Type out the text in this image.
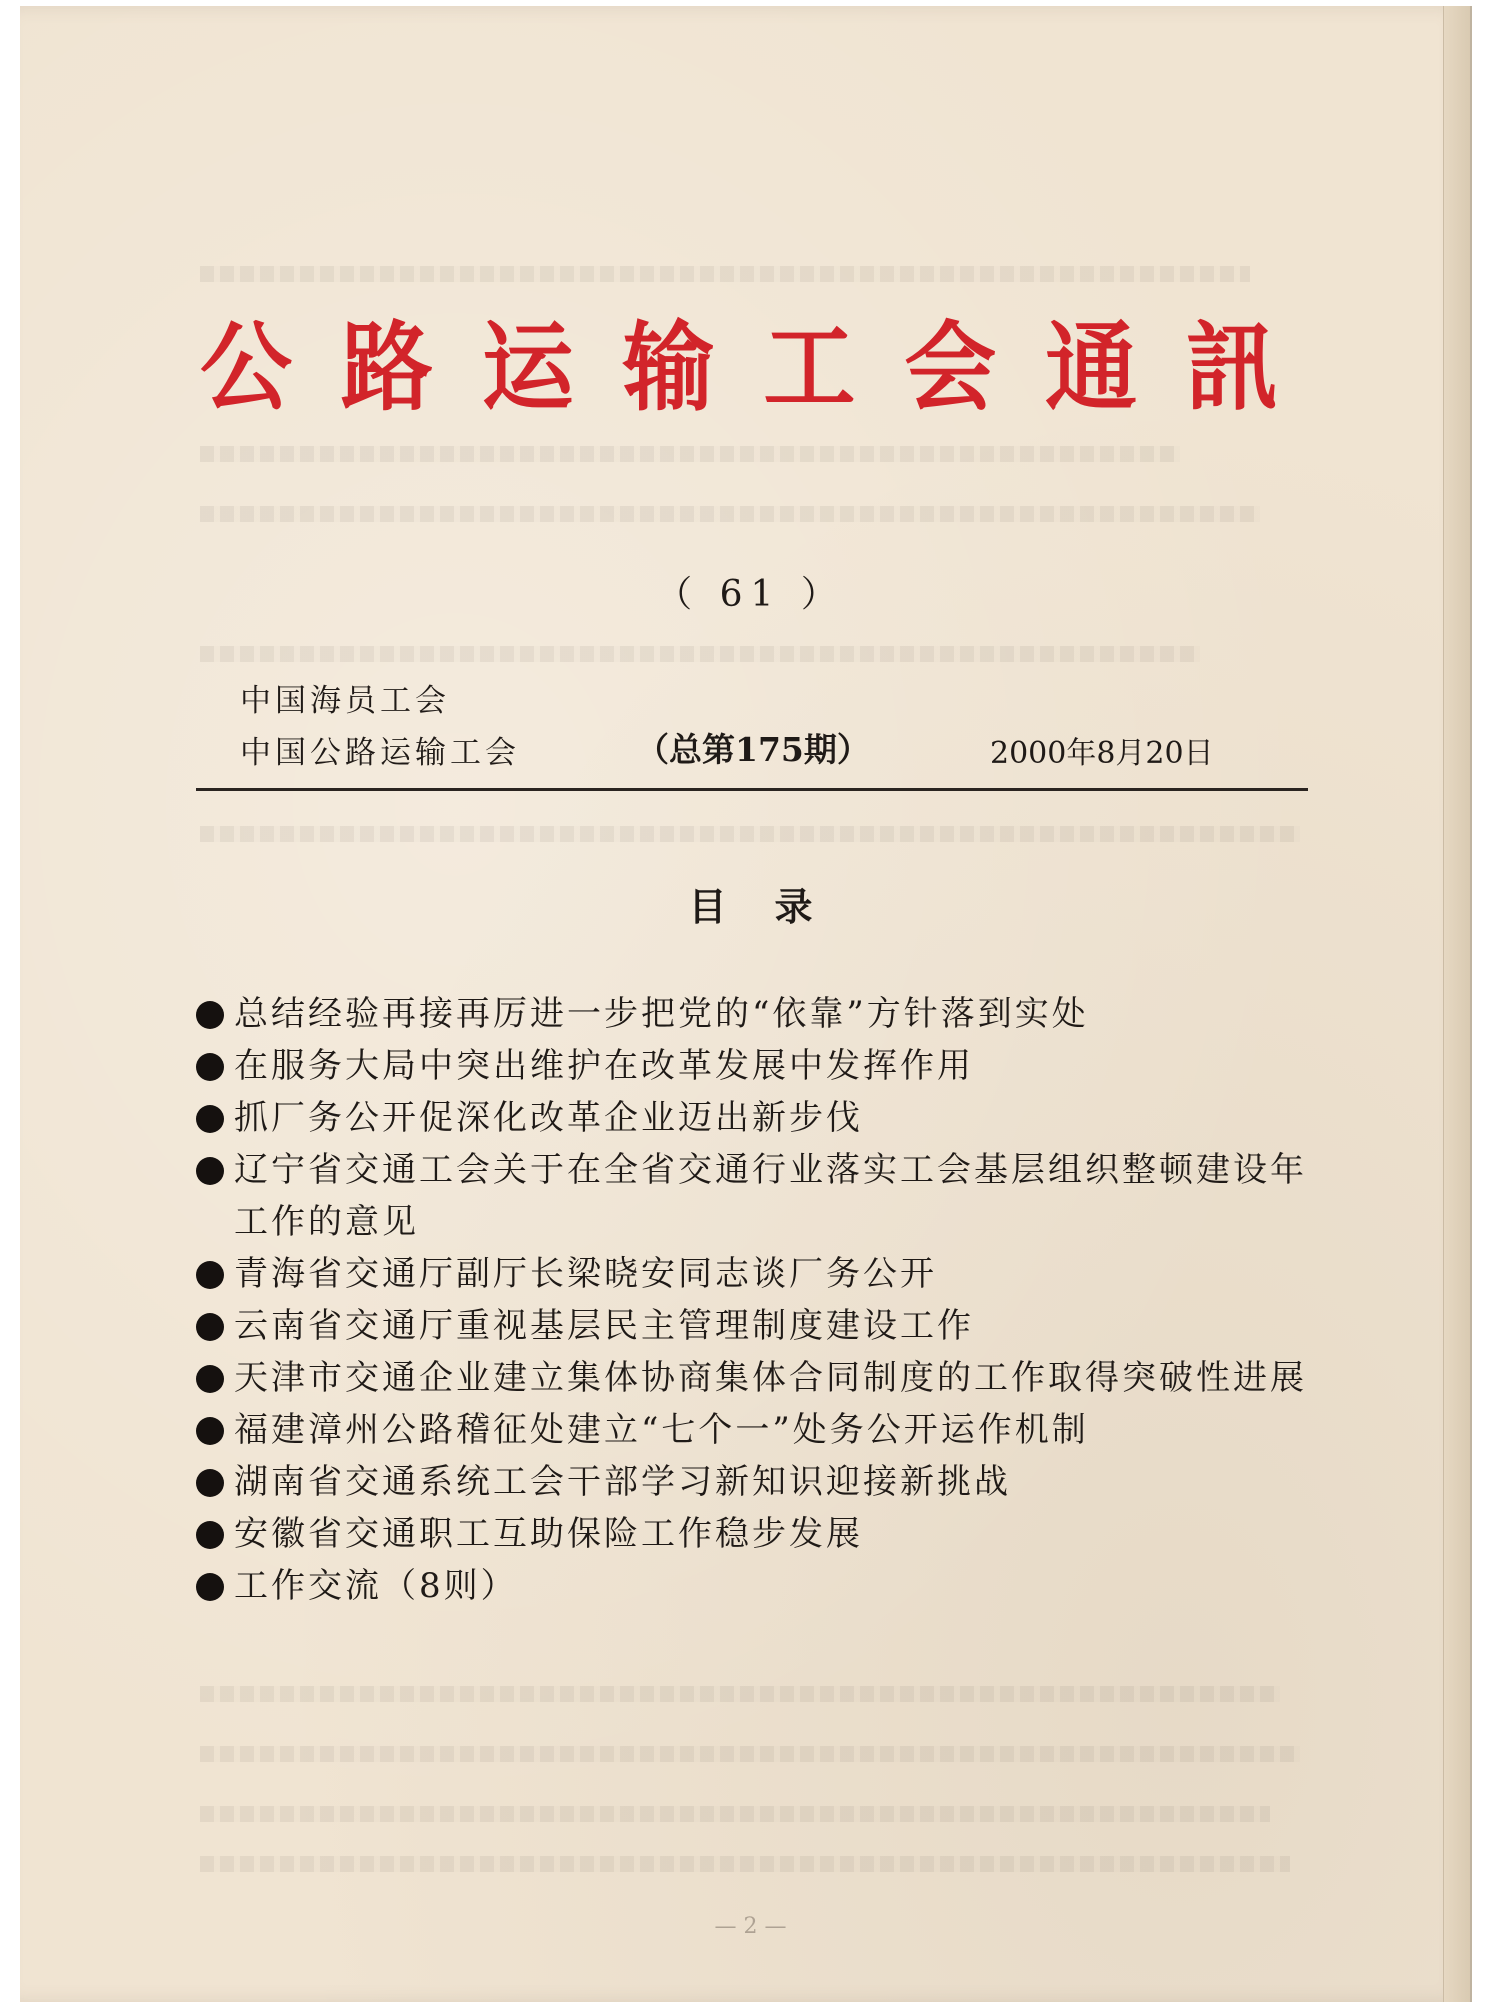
公 路 运 输 工 会 通 訊
（ 61 ）
中国海员工会
中国公路运输工会	（总第175期）	2000年8月20日
目录
总结经验再接再厉进一步把党的“依靠”方针落到实处
在服务大局中突出维护在改革发展中发挥作用
抓厂务公开促深化改革企业迈出新步伐
辽宁省交通工会关于在全省交通行业落实工会基层组织整顿建设年工作的意见
青海省交通厅副厅长梁晓安同志谈厂务公开
云南省交通厅重视基层民主管理制度建设工作
天津市交通企业建立集体协商集体合同制度的工作取得突破性进展
福建漳州公路稽征处建立“七个一”处务公开运作机制
湖南省交通系统工会干部学习新知识迎接新挑战
安徽省交通职工互助保险工作稳步发展
工作交流（8则）
— 2 —
